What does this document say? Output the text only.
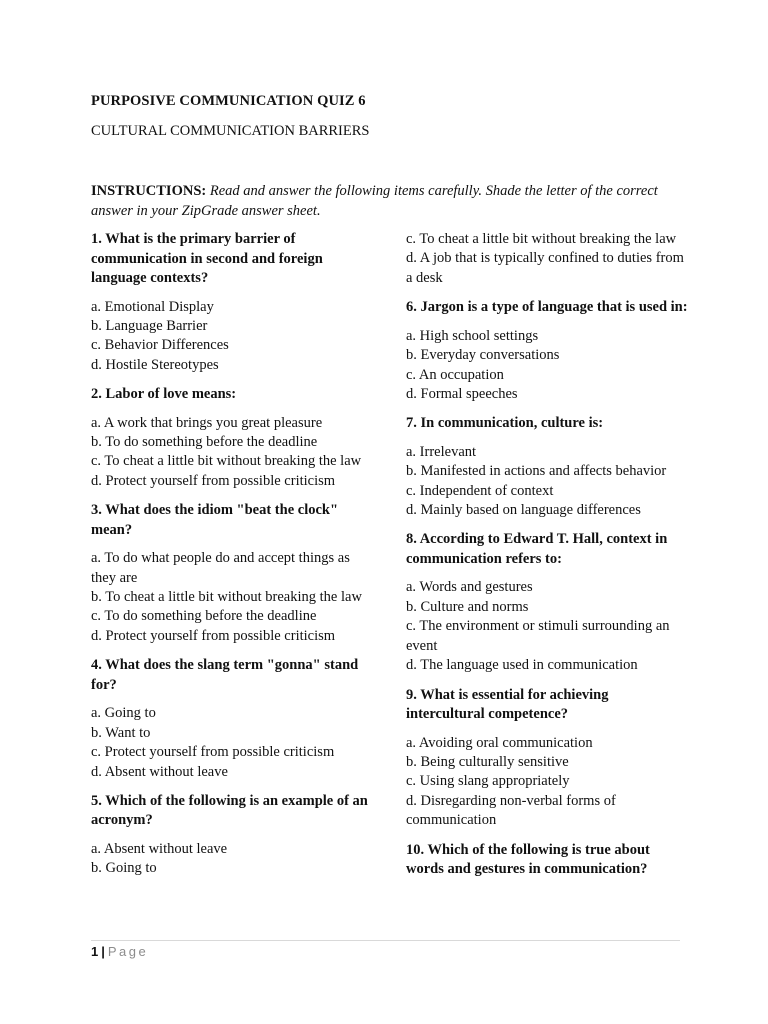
PURPOSIVE COMMUNICATION QUIZ 6
CULTURAL COMMUNICATION BARRIERS
INSTRUCTIONS: Read and answer the following items carefully. Shade the letter of the correct answer in your ZipGrade answer sheet.
1. What is the primary barrier of communication in second and foreign language contexts?
a. Emotional Display
b. Language Barrier
c. Behavior Differences
d. Hostile Stereotypes
2. Labor of love means:
a. A work that brings you great pleasure
b. To do something before the deadline
c. To cheat a little bit without breaking the law
d. Protect yourself from possible criticism
3. What does the idiom "beat the clock" mean?
a. To do what people do and accept things as they are
b. To cheat a little bit without breaking the law
c. To do something before the deadline
d. Protect yourself from possible criticism
4. What does the slang term "gonna" stand for?
a. Going to
b. Want to
c. Protect yourself from possible criticism
d. Absent without leave
5. Which of the following is an example of an acronym?
a. Absent without leave
b. Going to
c. To cheat a little bit without breaking the law
d. A job that is typically confined to duties from a desk
6. Jargon is a type of language that is used in:
a. High school settings
b. Everyday conversations
c. An occupation
d. Formal speeches
7. In communication, culture is:
a. Irrelevant
b. Manifested in actions and affects behavior
c. Independent of context
d. Mainly based on language differences
8. According to Edward T. Hall, context in communication refers to:
a. Words and gestures
b. Culture and norms
c. The environment or stimuli surrounding an event
d. The language used in communication
9. What is essential for achieving intercultural competence?
a. Avoiding oral communication
b. Being culturally sensitive
c. Using slang appropriately
d. Disregarding non-verbal forms of communication
10. Which of the following is true about words and gestures in communication?
1 | Page
